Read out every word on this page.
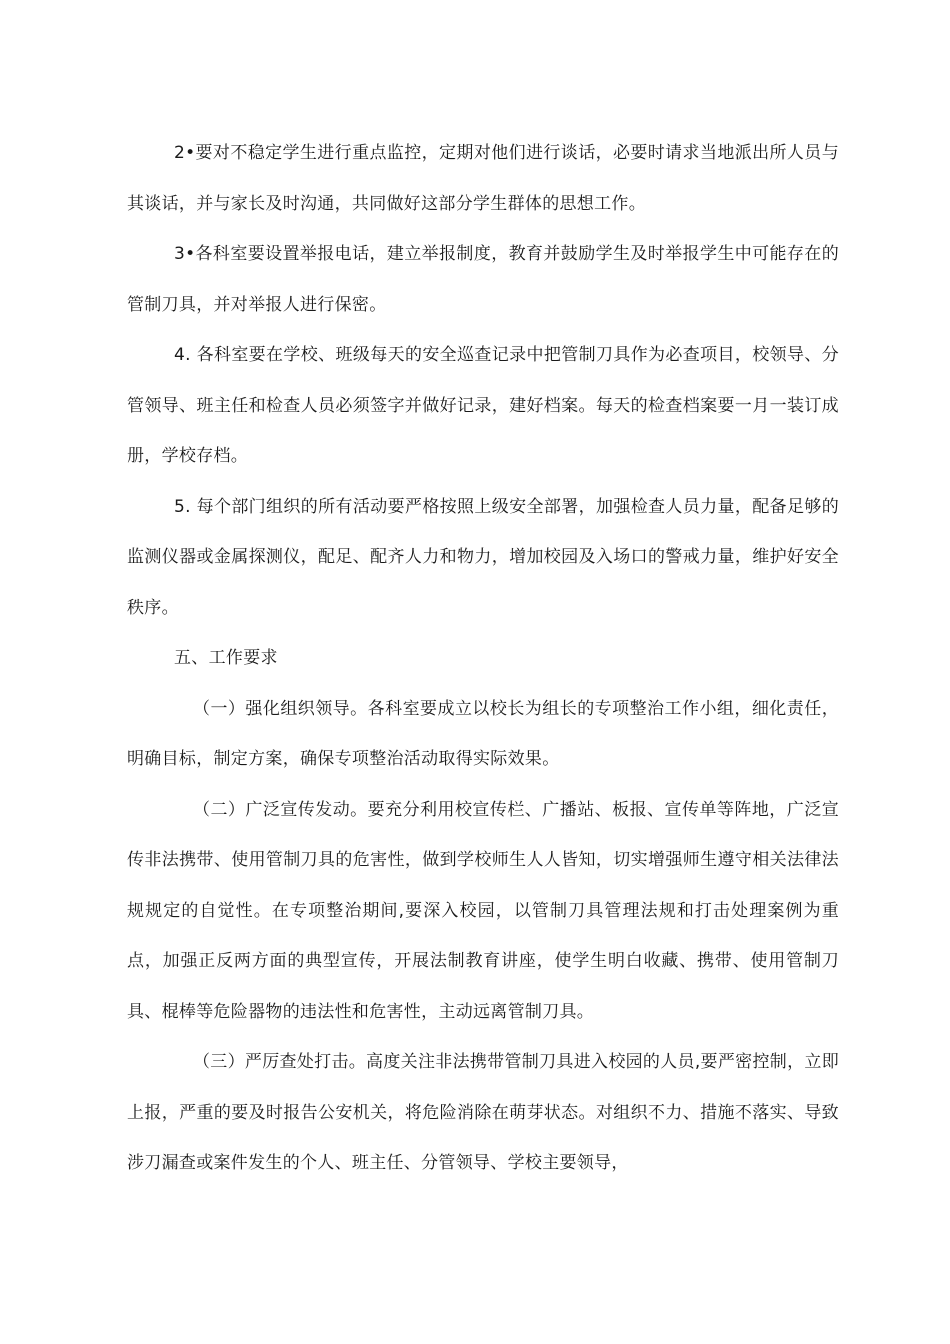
2•要对不稳定学生进行重点监控，定期对他们进行谈话，必要时请求当地派出所人员与其谈话，并与家长及时沟通，共同做好这部分学生群体的思想工作。

3•各科室要设置举报电话，建立举报制度，教育并鼓励学生及时举报学生中可能存在的管制刀具，并对举报人进行保密。

4. 各科室要在学校、班级每天的安全巡查记录中把管制刀具作为必查项目，校领导、分管领导、班主任和检查人员必须签字并做好记录，建好档案。每天的检查档案要一月一装订成册，学校存档。

5. 每个部门组织的所有活动要严格按照上级安全部署，加强检查人员力量，配备足够的监测仪器或金属探测仪，配足、配齐人力和物力，增加校园及入场口的警戒力量，维护好安全秩序。

五、工作要求

（一）强化组织领导。各科室要成立以校长为组长的专项整治工作小组，细化责任，明确目标，制定方案，确保专项整治活动取得实际效果。

（二）广泛宣传发动。要充分利用校宣传栏、广播站、板报、宣传单等阵地，广泛宣传非法携带、使用管制刀具的危害性，做到学校师生人人皆知，切实增强师生遵守相关法律法规规定的自觉性。在专项整治期间,要深入校园，以管制刀具管理法规和打击处理案例为重点，加强正反两方面的典型宣传，开展法制教育讲座，使学生明白收藏、携带、使用管制刀具、棍棒等危险器物的违法性和危害性，主动远离管制刀具。

（三）严厉查处打击。高度关注非法携带管制刀具进入校园的人员,要严密控制，立即上报，严重的要及时报告公安机关，将危险消除在萌芽状态。对组织不力、措施不落实、导致涉刀漏查或案件发生的个人、班主任、分管领导、学校主要领导，
